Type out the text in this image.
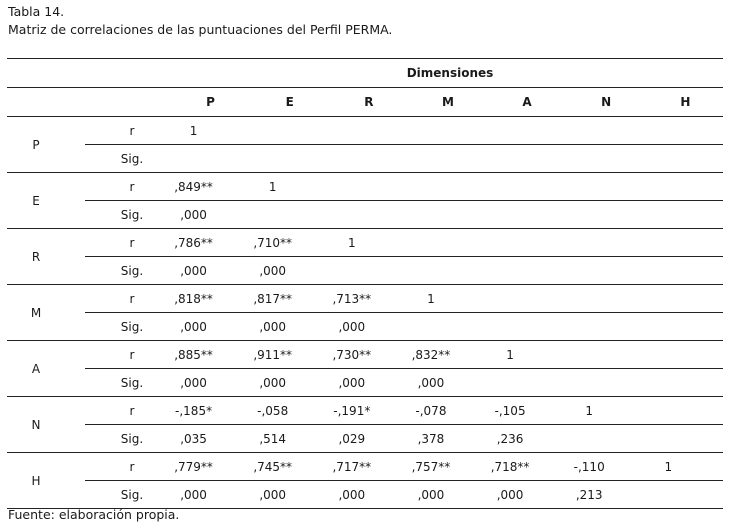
Tabla 14.
Matriz de correlaciones de las puntuaciones del Perfil PERMA.
		Dimensiones						
		P	E	R	M	A	N	H
P	r	1						
	Sig.							
E	r	,849**	1					
	Sig.	,000						
R	r	,786**	,710**	1				
	Sig.	,000	,000					
M	r	,818**	,817**	,713**	1			
	Sig.	,000	,000	,000				
A	r	,885**	,911**	,730**	,832**	1		
	Sig.	,000	,000	,000	,000			
N	r	-,185*	-,058	-,191*	-,078	-,105	1	
	Sig.	,035	,514	,029	,378	,236		
H	r	,779**	,745**	,717**	,757**	,718**	-,110	1
	Sig.	,000	,000	,000	,000	,000	,213	
Fuente: elaboración propia.
